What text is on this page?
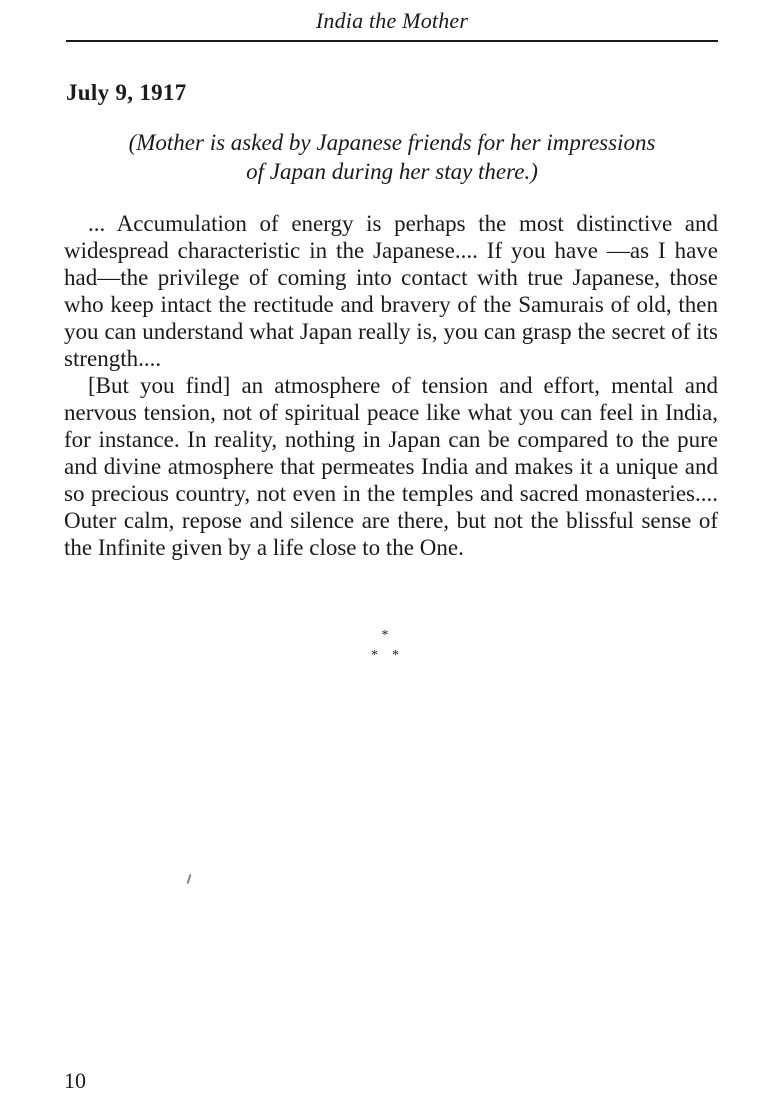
India the Mother
July 9, 1917
(Mother is asked by Japanese friends for her impressions
of Japan during her stay there.)

... Accumulation of energy is perhaps the most distinctive and widespread characteristic in the Japanese.... If you have —as I have had—the privilege of coming into contact with true Japanese, those who keep intact the rectitude and bravery of the Samurais of old, then you can understand what Japan really is, you can grasp the secret of its strength....

[But you find] an atmosphere of tension and effort, mental and nervous tension, not of spiritual peace like what you can feel in India, for instance. In reality, nothing in Japan can be compared to the pure and divine atmosphere that permeates India and makes it a unique and so precious country, not even in the temples and sacred monasteries.... Outer calm, repose and silence are there, but not the blissful sense of the Infinite given by a life close to the One.

*
* *
10
